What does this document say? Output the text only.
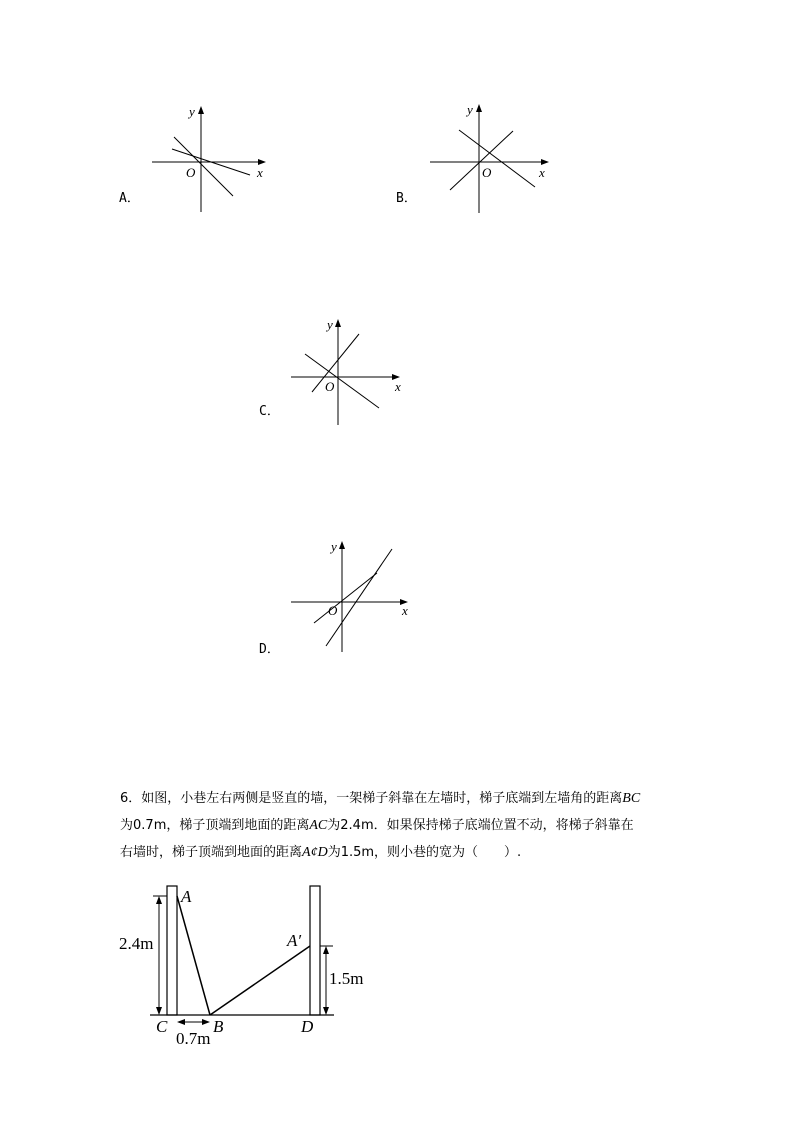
A．
y
x
O
B．
y
x
O
C．
y
x
O
D．
y
x
O
6．如图，小巷左右两侧是竖直的墙，一架梯子斜靠在左墙时，梯子底端到左墙角的距离BC
为0.7m，梯子顶端到地面的距离AC为2.4m．如果保持梯子底端位置不动，将梯子斜靠在
右墙时，梯子顶端到地面的距离A¢D为1.5m，则小巷的宽为（　　）.
A
A′
C	B	D
2.4m
0.7m
1.5m
